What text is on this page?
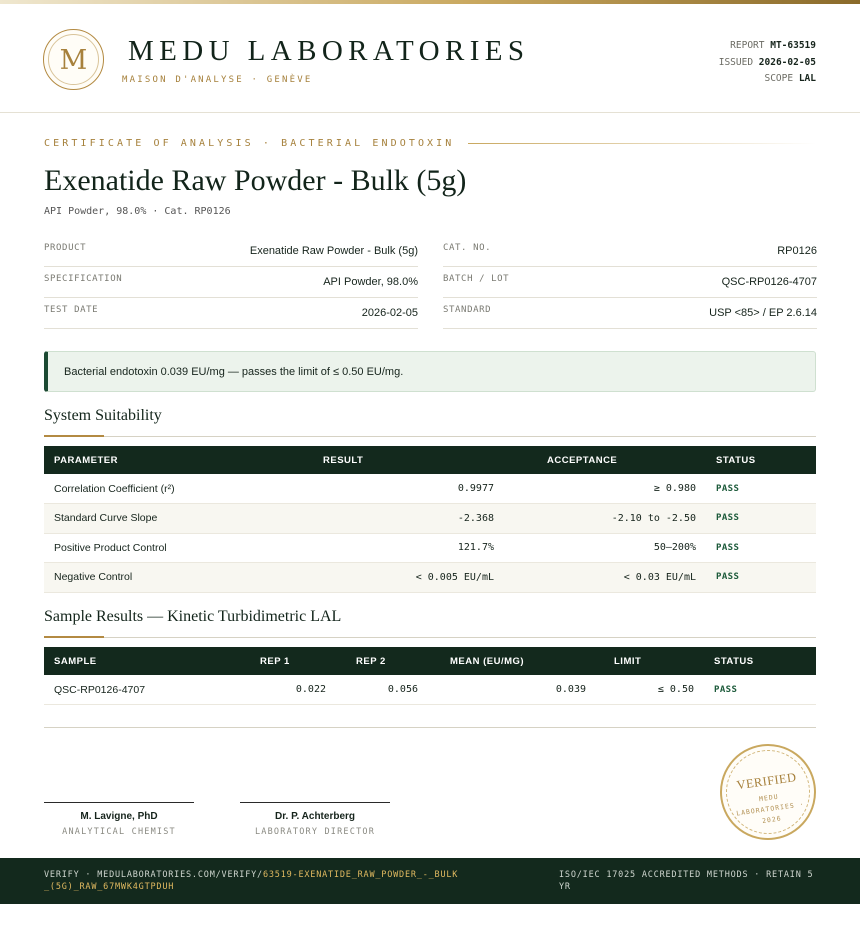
M MEDU LABORATORIES
MAISON D'ANALYSE · GENÈVE
REPORT MT-63519
ISSUED 2026-02-05
SCOPE LAL
CERTIFICATE OF ANALYSIS · BACTERIAL ENDOTOXIN
Exenatide Raw Powder - Bulk (5g)
API Powder, 98.0% · Cat. RP0126
PRODUCT	Exenatide Raw Powder - Bulk (5g)
SPECIFICATION	API Powder, 98.0%
TEST DATE	2026-02-05
CAT. NO.	RP0126
BATCH / LOT	QSC-RP0126-4707
STANDARD	USP <85> / EP 2.6.14
Bacterial endotoxin 0.039 EU/mg — passes the limit of ≤ 0.50 EU/mg.
System Suitability
PARAMETER	RESULT	ACCEPTANCE	STATUS
Correlation Coefficient (r²)	0.9977	≥ 0.980	PASS
Standard Curve Slope	-2.368	-2.10 to -2.50	PASS
Positive Product Control	121.7%	50–200%	PASS
Negative Control	< 0.005 EU/mL	< 0.03 EU/mL	PASS
Sample Results — Kinetic Turbidimetric LAL
SAMPLE	REP 1	REP 2	MEAN (EU/MG)	LIMIT	STATUS
QSC-RP0126-4707	0.022	0.056	0.039	≤ 0.50	PASS
M. Lavigne, PhD
ANALYTICAL CHEMIST
Dr. P. Achterberg
LABORATORY DIRECTOR
VERIFIED
MEDU LABORATORIES · 2026
VERIFY · MEDULABORATORIES.COM/VERIFY/63519-EXENATIDE_RAW_POWDER_-_BULK_(5G)_RAW_67MWK4GTPDUH
ISO/IEC 17025 ACCREDITED METHODS · RETAIN 5 YR
